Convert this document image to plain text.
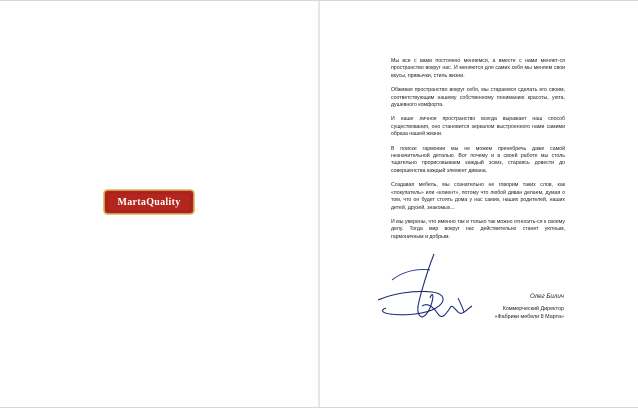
Marta Quality

Мы все с вами постоянно меняемся, а вместе с нами меняет-ся пространство вокруг нас. И меняются для самих себя мы меняем свои вкусы, привычки, стиль жизни.

Обживая пространство вокруг себя, мы стараемся сделать его своим, соответствующим нашему собственному пониманию красоты, уюта, душевного комфорта.

И наше личное пространство всегда выражает наш способ существования, оно становится зеркалом выстроенного нами самими образа нашей жизни.

В поиске гармонии мы не можем пренебречь даже самой незначительной деталью. Вот почему и в своей работе мы столь тщательно прорисовываем каждый эскиз, стараясь довести до совершенства каждый элемент дивана.

Создавая мебель, мы сознательно не говорим таких слов, как «покупатель» или «клиент», потому что любой диван делаем, думая о том, что он будет стоять дома у нас самих, наших родителей, наших детей, друзей, знакомых...

И мы уверены, что именно так и только так можно относить-ся к своему делу. Тогда мир вокруг нас действительно станет уютным, гармоничным и добрым.

Олег Билич
Коммерческий Директор
«Фабрики мебели 8 Марта»
